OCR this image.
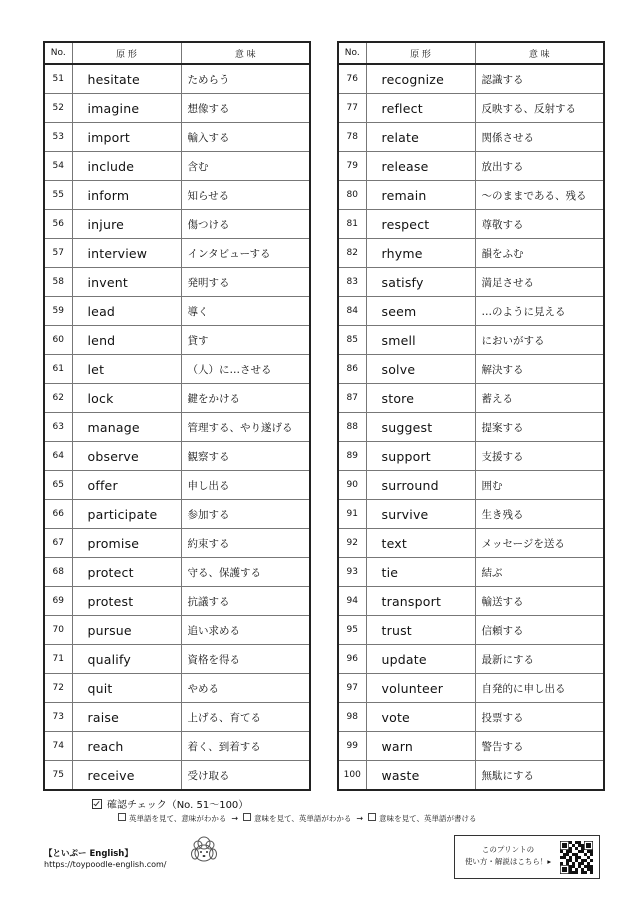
No.	原 形	意 味
51	hesitate	ためらう
52	imagine	想像する
53	import	輸入する
54	include	含む
55	inform	知らせる
56	injure	傷つける
57	interview	インタビューする
58	invent	発明する
59	lead	導く
60	lend	貸す
61	let	（人）に…させる
62	lock	鍵をかける
63	manage	管理する、やり遂げる
64	observe	観察する
65	offer	申し出る
66	participate	参加する
67	promise	約束する
68	protect	守る、保護する
69	protest	抗議する
70	pursue	追い求める
71	qualify	資格を得る
72	quit	やめる
73	raise	上げる、育てる
74	reach	着く、到着する
75	receive	受け取る
No.	原 形	意 味
76	recognize	認識する
77	reflect	反映する、反射する
78	relate	関係させる
79	release	放出する
80	remain	～のままである、残る
81	respect	尊敬する
82	rhyme	韻をふむ
83	satisfy	満足させる
84	seem	…のように見える
85	smell	においがする
86	solve	解決する
87	store	蓄える
88	suggest	提案する
89	support	支援する
90	surround	囲む
91	survive	生き残る
92	text	メッセージを送る
93	tie	結ぶ
94	transport	輸送する
95	trust	信頼する
96	update	最新にする
97	volunteer	自発的に申し出る
98	vote	投票する
99	warn	警告する
100	waste	無駄にする
確認チェック（No. 51～100）
英単語を見て、意味がわかる →	意味を見て、英単語がわかる →	意味を見て、英単語が書ける
【といぷー English】
https://toypoodle-english.com/
このプリントの
使い方・解説はこちら！▸
